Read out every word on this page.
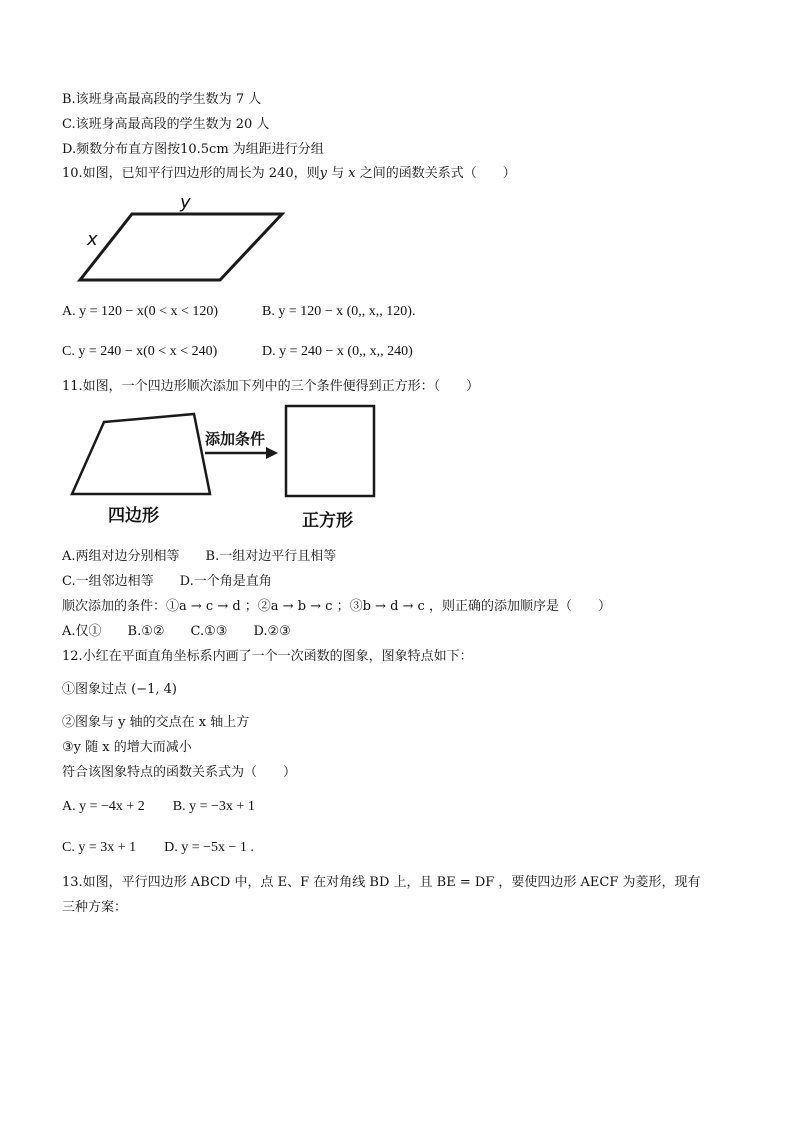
B.该班身高最高段的学生数为 7 人
C.该班身高最高段的学生数为 20 人
D.频数分布直方图按10.5cm 为组距进行分组
10.如图，已知平行四边形的周长为 240，则𝑦 与 𝑥 之间的函数关系式（　　）
y
x
A. y = 120 − x(0 < x < 120)	B. y = 120 − x (0,, x,, 120).
C. y = 240 − x(0 < x < 240)	D. y = 240 − x (0,, x,, 240)
11.如图，一个四边形顺次添加下列中的三个条件便得到正方形：（　　）
添加条件
四边形	正方形
A.两组对边分别相等　　B.一组对边平行且相等
C.一组邻边相等　　D.一个角是直角
顺次添加的条件：①a → c → d ；②a → b → c ；③b → d → c ，则正确的添加顺序是（　　）
A.仅①　　B.①②　　C.①③　　D.②③
12.小红在平面直角坐标系内画了一个一次函数的图象，图象特点如下：
①图象过点 (−1, 4)
②图象与 y 轴的交点在 x 轴上方
③y 随 x 的增大而减小
符合该图象特点的函数关系式为（　　）
A. y = −4x + 2　　B. y = −3x + 1
C. y = 3x + 1　　D. y = −5x − 1 .
13.如图，平行四边形 ABCD 中，点 E、F 在对角线 BD 上，且 BE = DF ，要使四边形 AECF 为菱形，现有
三种方案：
